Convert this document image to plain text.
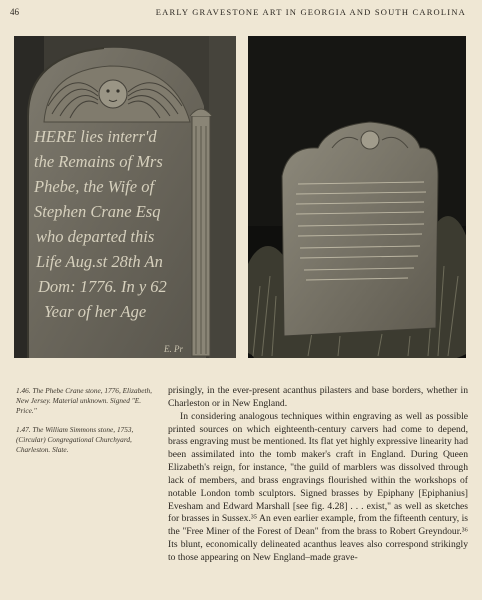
46	EARLY GRAVESTONE ART IN GEORGIA AND SOUTH CAROLINA
HERE lies interr'd
the Remains of Mrs
Phebe, the Wife of
Stephen Crane Esq
who departed this
Life Aug.st 28th An
Dom: 1776. In y 62
Year of her Age
E. Pr

1.46. The Phebe Crane stone, 1776, Elizabeth, New Jersey. Material unknown. Signed "E. Price."

1.47. The William Simmons stone, 1753, (Circular) Congregational Churchyard, Charleston. Slate.

prisingly, in the ever-present acanthus pilasters and base borders, whether in Charleston or in New England.

In considering analogous techniques within engraving as well as possible printed sources on which eighteenth-century carvers had come to depend, brass engraving must be mentioned. Its flat yet highly expressive linearity had been assimilated into the tomb maker's craft in England. During Queen Elizabeth's reign, for instance, "the guild of marblers was dissolved through lack of members, and brass engravings flourished within the workshops of notable London tomb sculptors. Signed brasses by Epiphany [Epiphanius] Evesham and Edward Marshall [see fig. 4.28] . . . exist," as well as sketches for brasses in Sussex.³⁵ An even earlier example, from the fifteenth century, is the "Free Miner of the Forest of Dean" from the brass to Robert Greyndour.³⁶ Its blunt, economically delineated acanthus leaves also correspond strikingly to those appearing on New England–made grave-
